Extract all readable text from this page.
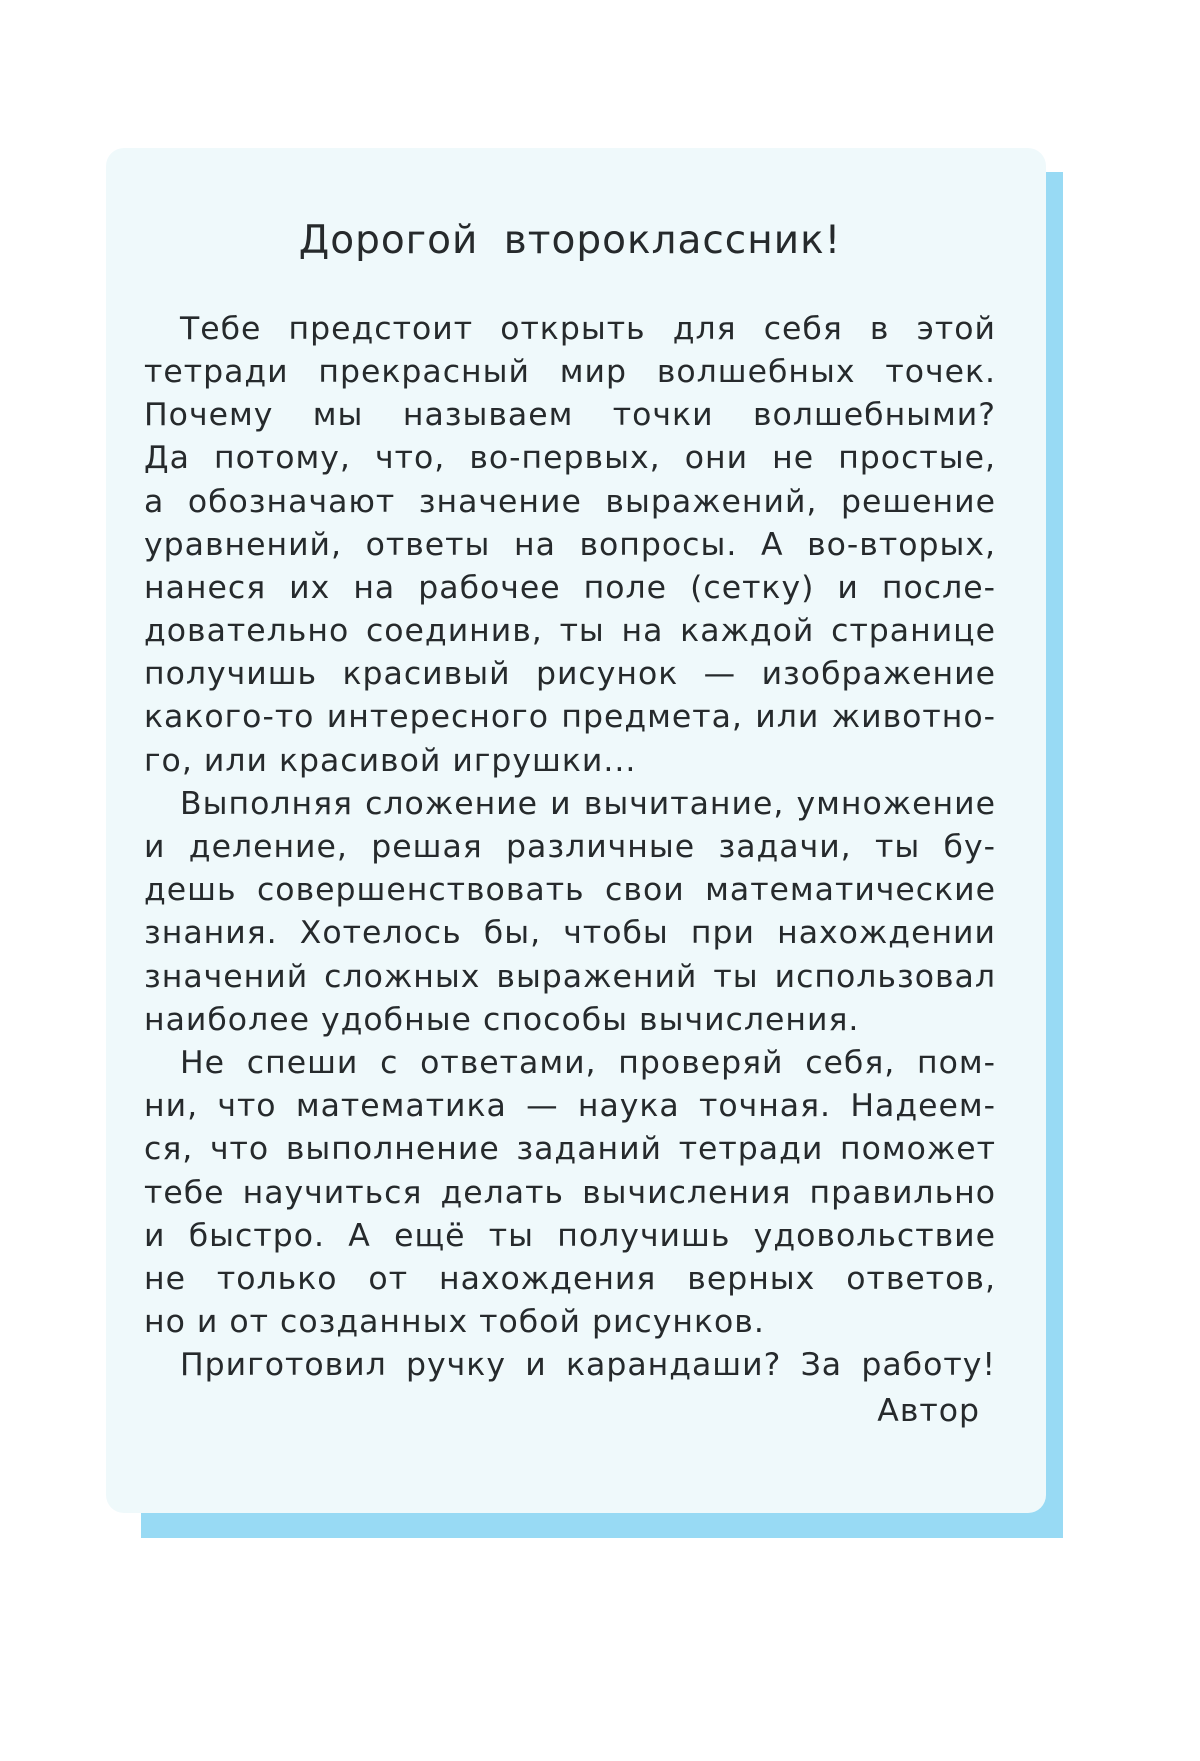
Дорогой второклассник!
Тебе предстоит открыть для себя в этой
тетради прекрасный мир волшебных точек.
Почему мы называем точки волшебными?
Да потому, что, во-первых, они не простые,
а обозначают значение выражений, решение
уравнений, ответы на вопросы. А во-вторых,
нанеся их на рабочее поле (сетку) и после-
довательно соединив, ты на каждой странице
получишь красивый рисунок — изображение
какого-то интересного предмета, или животно-
го, или красивой игрушки...
Выполняя сложение и вычитание, умножение
и деление, решая различные задачи, ты бу-
дешь совершенствовать свои математические
знания. Хотелось бы, чтобы при нахождении
значений сложных выражений ты использовал
наиболее удобные способы вычисления.
Не спеши с ответами, проверяй себя, пом-
ни, что математика — наука точная. Надеем-
ся, что выполнение заданий тетради поможет
тебе научиться делать вычисления правильно
и быстро. А ещё ты получишь удовольствие
не только от нахождения верных ответов,
но и от созданных тобой рисунков.
Приготовил ручку и карандаши? За работу!
Автор
